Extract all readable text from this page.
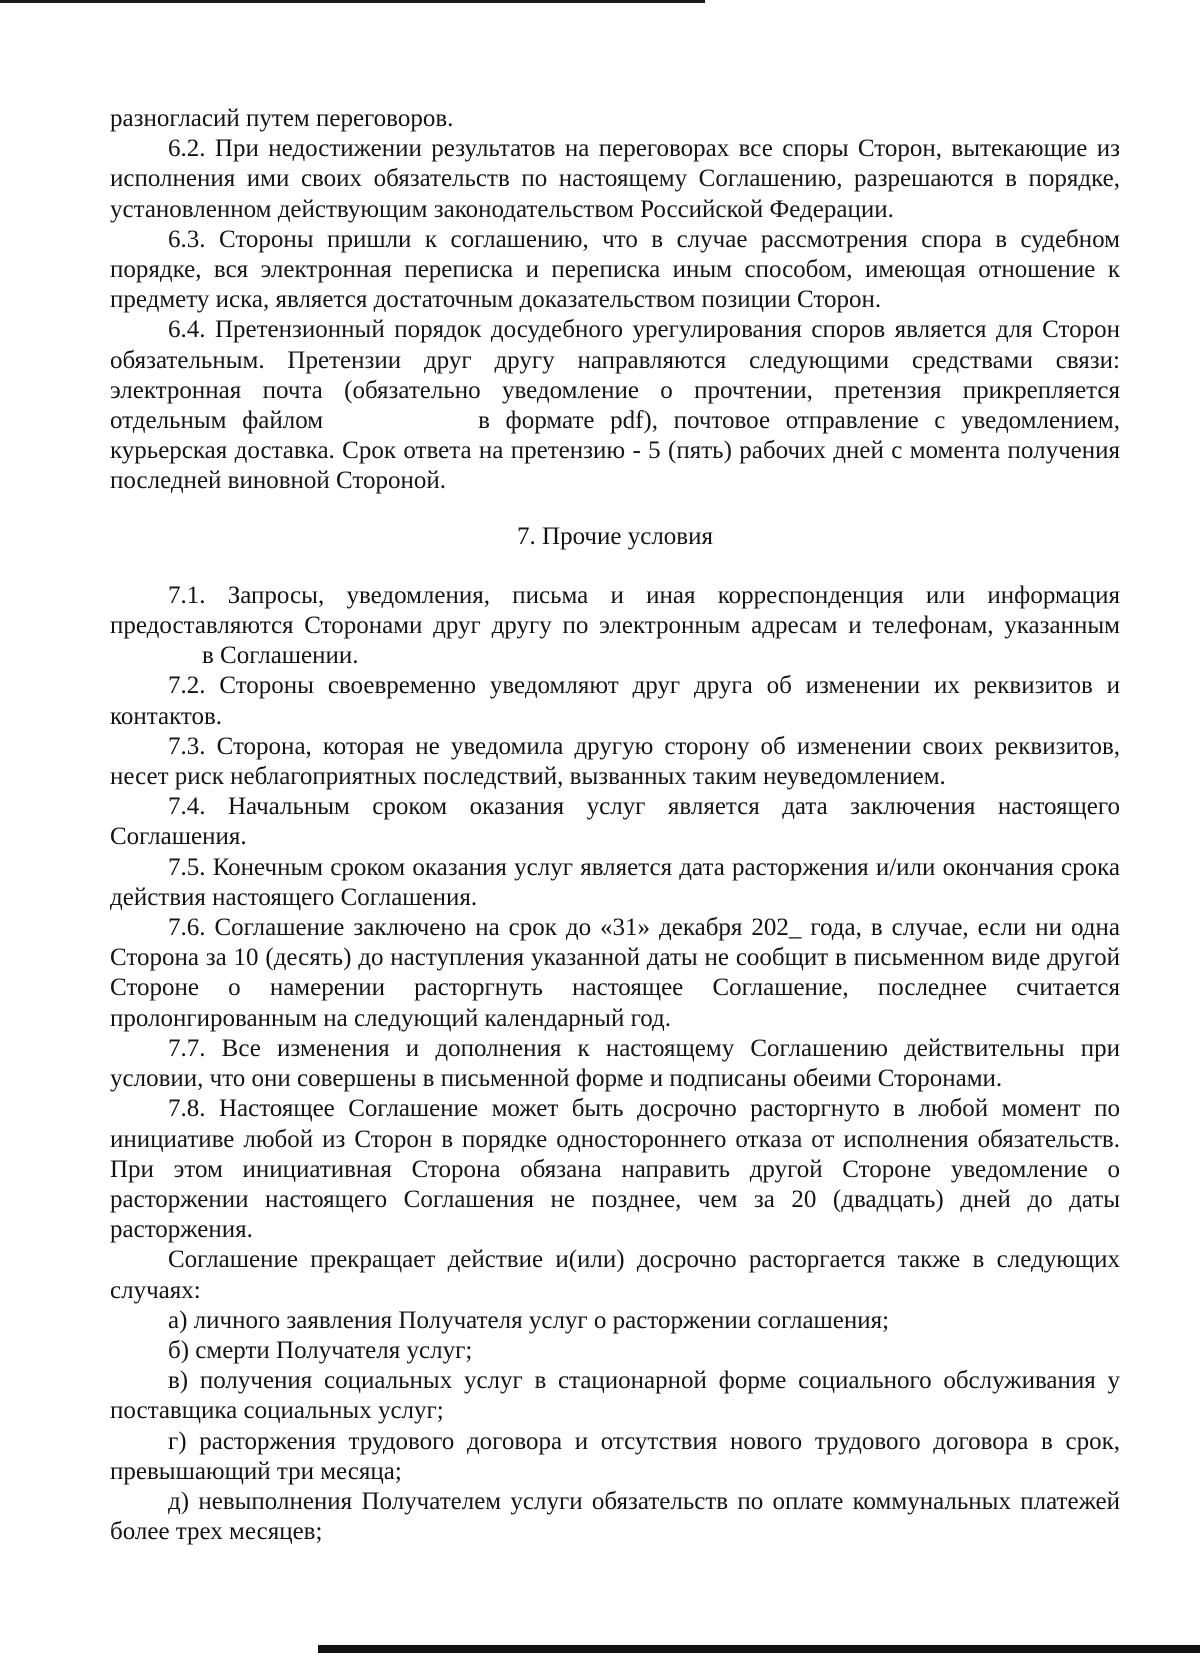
разногласий путем переговоров.

6.2. При недостижении результатов на переговорах все споры Сторон, вытекающие из исполнения ими своих обязательств по настоящему Соглашению, разрешаются в порядке, установленном действующим законодательством Российской Федерации.

6.3. Стороны пришли к соглашению, что в случае рассмотрения спора в судебном порядке, вся электронная переписка и переписка иным способом, имеющая отношение к предмету иска, является достаточным доказательством позиции Сторон.

6.4. Претензионный порядок досудебного урегулирования споров является для Сторон обязательным. Претензии друг другу направляются следующими средствами связи: электронная почта (обязательно уведомление о прочтении, претензия прикрепляется отдельным файлом	в формате pdf), почтовое отправление с уведомлением, курьерская доставка. Срок ответа на претензию - 5 (пять) рабочих дней с момента получения последней виновной Стороной.

7. Прочие условия

7.1. Запросы, уведомления, письма и иная корреспонденция или информация предоставляются Сторонами друг другу по электронным адресам и телефонам, указаннымв Соглашении.

7.2. Стороны своевременно уведомляют друг друга об изменении их реквизитов и контактов.

7.3. Сторона, которая не уведомила другую сторону об изменении своих реквизитов, несет риск неблагоприятных последствий, вызванных таким неуведомлением.

7.4. Начальным сроком оказания услуг является дата заключения настоящего Соглашения.

7.5. Конечным сроком оказания услуг является дата расторжения и/или окончания срока действия настоящего Соглашения.

7.6. Соглашение заключено на срок до «31» декабря 202_ года, в случае, если ни одна Сторона за 10 (десять) до наступления указанной даты не сообщит в письменном виде другой Стороне о намерении расторгнуть настоящее Соглашение, последнее считается пролонгированным на следующий календарный год.

7.7. Все изменения и дополнения к настоящему Соглашению действительны при условии, что они совершены в письменной форме и подписаны обеими Сторонами.

7.8. Настоящее Соглашение может быть досрочно расторгнуто в любой момент по инициативе любой из Сторон в порядке одностороннего отказа от исполнения обязательств. При этом инициативная Сторона обязана направить другой Стороне уведомление о расторжении настоящего Соглашения не позднее, чем за 20 (двадцать) дней до даты расторжения.

Соглашение прекращает действие и(или) досрочно расторгается также в следующих случаях:

а) личного заявления Получателя услуг о расторжении соглашения;

б) смерти Получателя услуг;

в) получения социальных услуг в стационарной форме социального обслуживания у поставщика социальных услуг;

г) расторжения трудового договора и отсутствия нового трудового договора в срок, превышающий три месяца;

д) невыполнения Получателем услуги обязательств по оплате коммунальных платежей более трех месяцев;
